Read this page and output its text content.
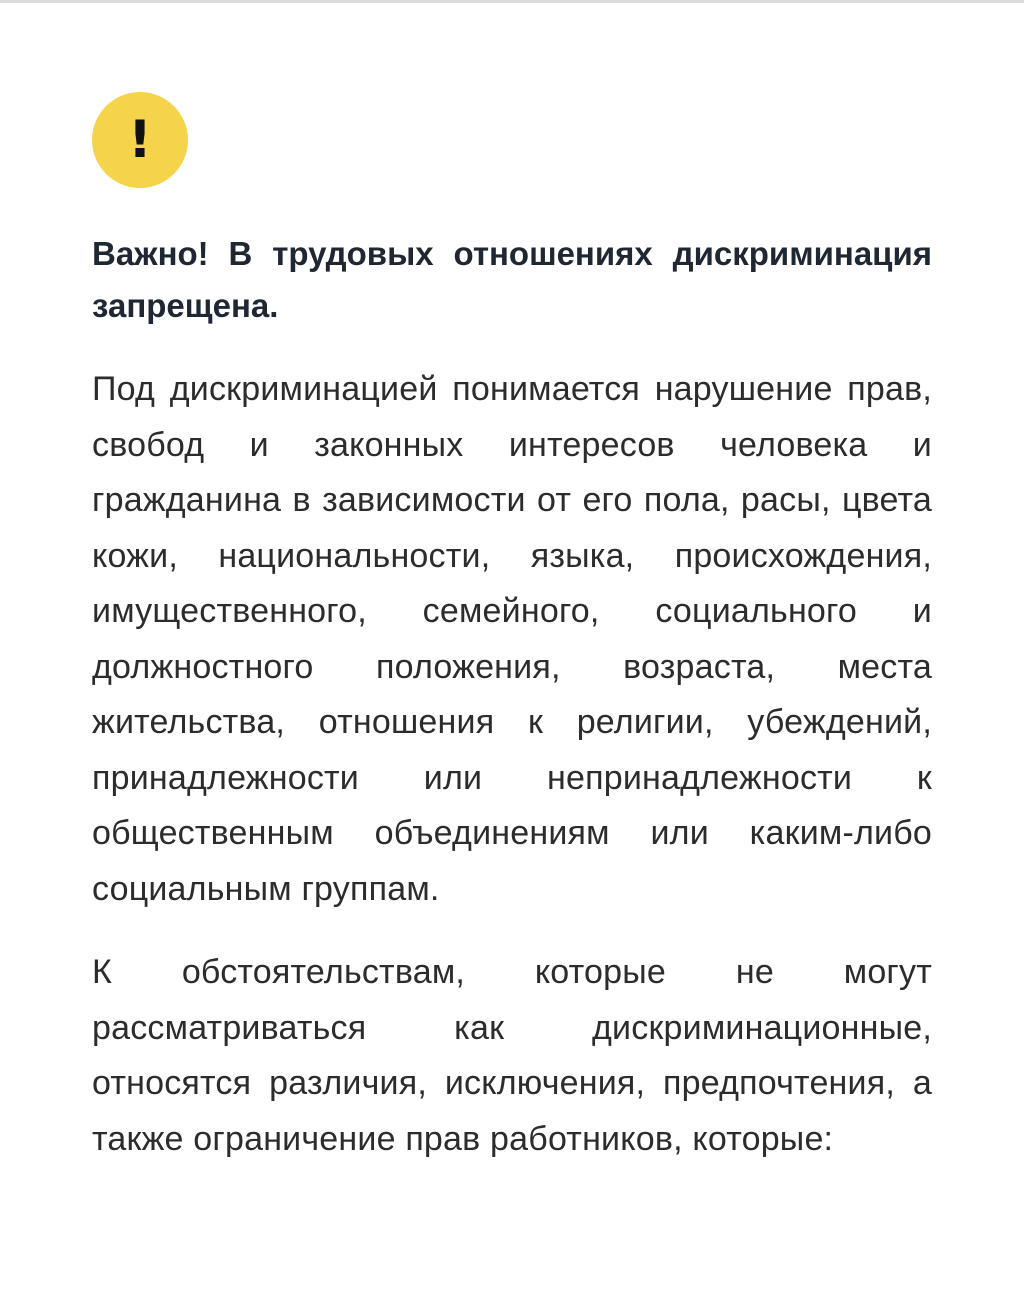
!

Важно! В трудовых отношениях дискриминация запрещена.

Под дискриминацией понимается нарушение прав, свобод и законных интересов человека и гражданина в зависимости от его пола, расы, цвета кожи, национальности, языка, происхождения, имущественного, семейного, социального и должностного положения, возраста, места жительства, отношения к религии, убеждений, принадлежности или непринадлежности к общественным объединениям или каким-либо социальным группам.

К обстоятельствам, которые не могут рассматриваться как дискриминационные, относятся различия, исключения, предпочтения, а также ограничение прав работников, которые:
